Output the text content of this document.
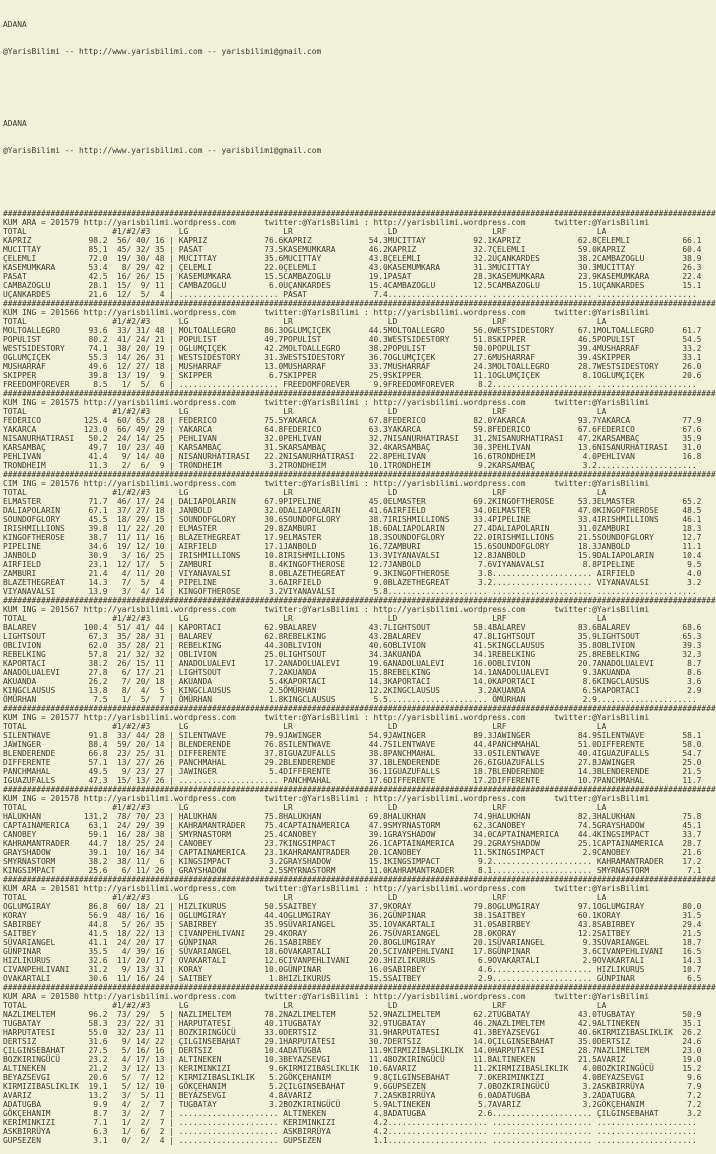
ADANA

@YarisBilimi -- http://www.yarisbilimi.com -- yarisbilimi@gmail.com

ADANA

@YarisBilimi -- http://www.yarisbilimi.com -- yarisbilimi@gmail.com

######################################################################################################################################################
KUM ARA = 201579 http://yarisbilimi.wordpress.com      twitter:@YarisBilimi : http://yarisbilimi.wordpress.com      twitter:@YarisBilimi
TOTAL                  #1/#2/#3      LG                    LR                    LD                    LRF                   LA
KAPRIZ            98.2  56/ 40/ 16 | KAPRIZ            76.6KAPRIZ            54.3MUCITTAY          92.1KAPRIZ            62.8ÇELEMLI           66.1
MUCITTAY          85.1  45/ 32/ 35 | PASAT             73.5KASEMUMKARA       46.2KAPRIZ            32.7ÇELEMLI           59.0KAPRIZ            60.4
ÇELEMLI           72.0  19/ 30/ 48 | MUCITTAY          35.6MUCITTAY          43.8ÇELEMLI           32.2UÇANKARDES        38.2CAMBAZOGLU        38.9
KASEMUMKARA       53.4   8/ 29/ 42 | ÇELEMLI           22.0ÇELEMLI           43.0KASEMUMKARA       31.3MUCITTAY          30.3MUCITTAY          26.3
PASAT             42.5  16/ 26/ 15 | KASEMUMKARA       15.5CAMBAZOGLU        19.1PASAT             28.3KASEMUMKARA       23.9KASEMUMKARA       22.4
CAMBAZOGLU        28.1  15/  9/ 11 | CAMBAZOGLU         6.0UÇANKARDES        15.4CAMBAZOGLU        12.5CAMBAZOGLU        15.1UÇANKARDES        15.1
UÇANKARDES        21.6  12/  5/  4 | ..................... PASAT              7.4..................... ..................... .....................
######################################################################################################################################################
KUM ING = 201566 http://yarisbilimi.wordpress.com      twitter:@YarisBilimi : http://yarisbilimi.wordpress.com      twitter:@YarisBilimi
TOTAL                  #1/#2/#3      LG                    LR                    LD                    LRF                   LA
MOLTOALLEGRO      93.6  33/ 31/ 48 | MOLTOALLEGRO      86.3OGLUMÇIÇEK        44.5MOLTOALLEGRO      56.0WESTSIDESTORY     67.1MOLTOALLEGRO      61.7
POPULIST          80.2  41/ 24/ 21 | POPULIST          49.7POPULIST          40.3WESTSIDESTORY     51.8SKIPPER           46.5POPULIST          54.5
WESTSIDESTORY     74.1  38/ 20/ 19 | OGLUMÇIÇEK        42.2MOLTOALLEGRO      38.2POPULIST          50.0POPULIST          39.4MUSHARRAF         33.2
OGLUMÇIÇEK        55.3  14/ 26/ 31 | WESTSIDESTORY     31.3WESTSIDESTORY     36.7OGLUMÇIÇEK        27.6MUSHARRAF         39.4SKIPPER           33.1
MUSHARRAF         49.6  12/ 27/ 18 | MUSHARRAF         13.0MUSHARRAF         33.7MUSHARRAF         24.3MOLTOALLEGRO      28.7WESTSIDESTORY     26.0
SKIPPER           39.8  13/ 19/  9 | SKIPPER            6.7SKIPPER           25.9SKIPPER           11.1OGLUMÇIÇEK         8.1OGLUMÇIÇEK        20.6
FREEDOMFOREVER     8.5   1/  5/  6 | ..................... FREEDOMFOREVER     9.9FREEDOMFOREVER     8.2..................... .....................
######################################################################################################################################################
KUM ING = 201575 http://yarisbilimi.wordpress.com      twitter:@YarisBilimi : http://yarisbilimi.wordpress.com      twitter:@YarisBilimi
TOTAL                  #1/#2/#3      LG                    LR                    LD                    LRF                   LA
FEDERICO         125.4  60/ 65/ 28 | FEDERICO          75.5YAKARCA           67.8FEDERICO          82.0YAKARCA           93.7YAKARCA           77.9
YAKARCA          123.0  66/ 49/ 29 | YAKARCA           64.8FEDERICO          63.3YAKARCA           59.8FEDERICO          67.6FEDERICO          67.6
NISANURHATIRASI   50.2  24/ 14/ 25 | PEHLIVAN          32.0PEHLIVAN          32.7NISANURHATIRASI   31.2NISANURHATIRASI   47.2KARSAMBAÇ         35.9
KARSAMBAÇ         49.7  10/ 23/ 40 | KARSAMBAÇ         31.5KARSAMBAÇ         32.4KARSAMBAÇ         30.3PEHLIVAN          13.6NISANURHATIRASI   31.0
PEHLIVAN          41.4   9/ 14/ 40 | NISANURHATIRASI   22.2NISANURHATIRASI   22.8PEHLIVAN          16.6TRONDHEIM          4.0PEHLIVAN          16.8
TRONDHEIM         11.3   2/  6/  9 | TRONDHEIM          3.2TRONDHEIM         10.1TRONDHEIM          9.2KARSAMBAÇ          3.2.....................
######################################################################################################################################################
CIM ING = 201576 http://yarisbilimi.wordpress.com      twitter:@YarisBilimi : http://yarisbilimi.wordpress.com      twitter:@YarisBilimi
TOTAL                  #1/#2/#3      LG                    LR                    LD                    LRF                   LA
ELMASTER          71.7  46/ 17/ 24 | DALIAPOLARIN      67.9PIPELINE          45.0ELMASTER          69.2KINGOFTHEROSE     53.3ELMASTER          65.2
DALIAPOLARIN      67.1  37/ 27/ 18 | JANBOLD           32.0DALIAPOLARIN      41.6AIRFIELD          34.0ELMASTER          47.0KINGOFTHEROSE     48.5
SOUNDOFGLORY      45.5  18/ 29/ 15 | SOUNDOFGLORY      30.6SOUNDOFGLORY      38.7IRISHMILLIONS     33.4PIPELINE          33.4IRISHMILLIONS     46.1
IRISHMILLIONS     39.8  11/ 22/ 20 | ELMASTER          29.8ZAMBURI           18.6DALIAPOLARIN      27.4DALIAPOLARIN      31.0ZAMBURI           18.3
KINGOFTHEROSE     38.7  11/ 11/ 16 | BLAZETHEGREAT     17.9ELMASTER          18.3SOUNDOFGLORY      22.0IRISHMILLIONS     21.5SOUNDOFGLORY      12.7
PIPELINE          34.6  19/ 12/ 10 | AIRFIELD          17.1JANBOLD           16.7ZAMBURI           15.6SOUNDOFGLORY      18.3JANBOLD           11.1
JANBOLD           30.9   3/ 16/ 25 | IRISHMILLIONS     10.8IRISHMILLIONS     13.3VIYANAVALSI       12.8JANBOLD           15.9DALIAPOLARIN      10.4
AIRFIELD          23.1  12/ 17/  5 | ZAMBURI            8.4KINGOFTHEROSE     12.7JANBOLD            7.6VIYANAVALSI        8.8PIPELINE           9.5
ZAMBURI           21.4   4/ 11/ 20 | VIYANAVALSI        8.0BLAZETHEGREAT      9.3KINGOFTHEROSE      3.8..................... AIRFIELD           4.0
BLAZETHEGREAT     14.3   7/  5/  4 | PIPELINE           3.6AIRFIELD           9.0BLAZETHEGREAT      3.2..................... VIYANAVALSI        3.2
VIYANAVALSI       13.9   3/  4/ 14 | KINGOFTHEROSE      3.2VIYANAVALSI        5.8..................... ..................... .....................
######################################################################################################################################################
KUM ING = 201567 http://yarisbilimi.wordpress.com      twitter:@YarisBilimi : http://yarisbilimi.wordpress.com      twitter:@YarisBilimi
TOTAL                  #1/#2/#3      LG                    LR                    LD                    LRF                   LA
BALAREV          100.4  51/ 41/ 44 | KAPORTACI         62.9BALAREV           43.7LIGHTSOUT         58.4BALAREV           83.6BALAREV           68.6
LIGHTSOUT         67.3  35/ 28/ 31 | BALAREV           62.8REBELKING         43.2BALAREV           47.8LIGHTSOUT         35.9LIGHTSOUT         65.3
OBLIVION          62.0  35/ 28/ 21 | REBELKING         44.3OBLIVION          40.6OBLIVION          41.5KINGCLAUSUS       35.8OBLIVION          39.3
REBELKING         57.8  21/ 32/ 32 | OBLIVION          25.0LIGHTSOUT         34.3AKUANDA           34.1REBELKING         25.8REBELKING         32.3
KAPORTACI         38.2  26/ 15/ 11 | ANADOLUALEVI      17.2ANADOLUALEVI      19.6ANADOLUALEVI      16.0OBLIVION          20.7ANADOLUALEVI       8.7
ANADOLUALEVI      27.8   6/ 17/ 21 | LIGHTSOUT          7.2AKUANDA           15.8REBELKING         14.1ANADOLUALEVI       9.3AKUANDA            8.6
AKUANDA           26.2   7/ 20/ 18 | AKUANDA            5.4KAPORTACI         14.3KAPORTACI         14.0KAPORTACI          8.6KINGCLAUSUS        3.6
KINGCLAUSUS       13.8   8/  4/  5 | KINGCLAUSUS        2.5ÖMÜRHAN           12.2KINGCLAUSUS        3.2AKUANDA            6.5KAPORTACI          2.9
ÖMÜRHAN            7.5   1/  5/  7 | ÖMÜRHAN            1.8KINGCLAUSUS        5.5..................... ÖMÜRHAN            2.9.....................
######################################################################################################################################################
KUM ING = 201577 http://yarisbilimi.wordpress.com      twitter:@YarisBilimi : http://yarisbilimi.wordpress.com      twitter:@YarisBilimi
TOTAL                  #1/#2/#3      LG                    LR                    LD                    LRF                   LA
SILENTWAVE        91.8  33/ 44/ 28 | SILENTWAVE        79.9JAWINGER          54.9JAWINGER          89.3JAWINGER          84.9SILENTWAVE        58.1
JAWINGER          88.4  59/ 20/ 14 | BLENDERENDE       76.8SILENTWAVE        44.7SILENTWAVE        44.4PANCHMAHAL        51.0DIFFERENTE        58.0
BLENDERENDE       66.8  23/ 25/ 31 | DIFFERENTE        37.8IGUAZUFALLS       38.8PANCHMAHAL        33.0SILENTWAVE        40.4IGUAZUFALLS       54.7
DIFFERENTE        57.1  13/ 27/ 26 | PANCHMAHAL        29.2BLENDERENDE       37.1BLENDERENDE       26.6IGUAZUFALLS       27.8JAWINGER          25.0
PANCHMAHAL        49.5   9/ 23/ 27 | JAWINGER           5.4DIFFERENTE        36.1IGUAZUFALLS       18.7BLENDERENDE       14.3BLENDERENDE       21.5
IGUAZUFALLS       47.3  15/ 13/ 26 | ..................... PANCHMAHAL        17.6DIFFERENTE        17.2DIFFERENTE        10.7PANCHMAHAL        11.7
######################################################################################################################################################
KUM ING = 201578 http://yarisbilimi.wordpress.com      twitter:@YarisBilimi : http://yarisbilimi.wordpress.com      twitter:@YarisBilimi
TOTAL                  #1/#2/#3      LG                    LR                    LD                    LRF                   LA
HALUKHAN         131.2  78/ 70/ 23 | HALUKHAN          75.8HALUKHAN          69.8HALUKHAN          74.9HALUKHAN          82.3HALUKHAN          75.8
CAPTAINAMERICA    63.1  24/ 29/ 39 | KAHRAMANTRADER    75.4CAPTAINAMERICA    47.9SMYRNASTORM       62.3CANOBEY           74.5GRAYSHADOW        45.1
CANOBEY           59.1  16/ 28/ 38 | SMYRNASTORM       25.4CANOBEY           39.1GRAYSHADOW        34.0CAPTAINAMERICA    44.4KINGSIMPACT       33.7
KAHRAMANTRADER    44.7  18/ 25/ 24 | CANOBEY           23.7KINGSIMPACT       26.1CAPTAINAMERICA    29.2GRAYSHADOW        25.1CAPTAINAMERICA    28.7
GRAYSHADOW        39.1  10/ 16/ 34 | CAPTAINAMERICA    23.1KAHRAMANTRADER    20.1CANOBEY           11.5KINGSIMPACT        2.9CANOBEY           21.6
SMYRNASTORM       38.2  38/ 11/  6 | KINGSIMPACT        3.2GRAYSHADOW        15.1KINGSIMPACT        9.2..................... KAHRAMANTRADER    17.2
KINGSIMPACT       25.6   6/ 11/ 26 | GRAYSHADOW         2.5SMYRNASTORM       11.0KAHRAMANTRADER     8.1..................... SMYRNASTORM        7.1
######################################################################################################################################################
KUM ARA = 201581 http://yarisbilimi.wordpress.com      twitter:@YarisBilimi : http://yarisbilimi.wordpress.com      twitter:@YarisBilimi
TOTAL                  #1/#2/#3      LG                    LR                    LD                    LRF                   LA
OGLUMGIRAY        86.8  60/ 18/ 21 | HIZLIKURUS        50.5SAITBEY           37.9KORAY             79.8OGLUMGIRAY        97.1OGLUMGIRAY        80.0
KORAY             56.9  48/ 16/ 16 | OGLUMGIRAY        44.4OGLUMGIRAY        36.2GÜNPINAR          38.1SAITBEY           60.1KORAY             31.5
SABIRBEY          44.8   5/ 26/ 35 | SABIRBEY          35.9SÜVARIANGEL       35.1OVAKARTALI        31.0SABIRBEY          43.8SABIRBEY          29.4
SAITBEY           41.5  18/ 22/ 13 | CIVANPEHLIVANI    29.4KORAY             26.7SÜVARIANGEL       28.0KORAY             12.2SAITBEY           21.5
SÜVARIANGEL       41.1  24/ 20/ 17 | GÜNPINAR          26.1SABIRBEY          20.8OGLUMGIRAY        20.1SÜVARIANGEL        9.3SÜVARIANGEL       18.7
GÜNPINAR          35.5   4/ 39/ 16 | SÜVARIANGEL       18.6OVAKARTALI        20.5CIVANPEHLIVANI    17.8GÜNPINAR           3.6CIVANPEHLIVANI    16.5
HIZLIKURUS        32.6  11/ 20/ 17 | OVAKARTALI        12.6CIVANPEHLIVANI    20.3HIZLIKURUS         6.9OVAKARTALI         2.9OVAKARTALI        14.3
CIVANPEHLIVANI    31.2   9/ 13/ 31 | KORAY             10.0GÜNPINAR          16.0SABIRBEY           4.6..................... HIZLIKURUS        10.7
OVAKARTALI        30.6  11/ 16/ 24 | SAITBEY            1.8HIZLIKURUS        15.5SAITBEY            2.9..................... GÜNPINAR           6.5
######################################################################################################################################################
KUM ARA = 201580 http://yarisbilimi.wordpress.com      twitter:@YarisBilimi : http://yarisbilimi.wordpress.com      twitter:@YarisBilimi
TOTAL                  #1/#2/#3      LG                    LR                    LD                    LRF                   LA
NAZLIMELTEM       96.2  73/ 29/  5 | NAZLIMELTEM       78.2NAZLIMELTEM       52.9NAZLIMELTEM       62.2TUGBATAY          43.0TUGBATAY          50.9
TUGBATAY          58.3  23/ 22/ 31 | HARPUTATESI       40.1TUGBATAY          32.9TUGBATAY          46.2NAZLIMELTEM       42.9ALTINEKEN         35.1
HARPUTATESI       55.0  32/ 23/ 11 | BOZKIRINGÜCÜ      33.0DERTSIZ           31.9HARPUTATESI       41.3BEYAZSEVGI        40.6KIRMIZIBASLIKLIK  26.2
DERTSIZ           31.6   9/ 14/ 22 | ÇILGINSEBAHAT     29.1HARPUTATESI       30.7DERTSIZ           14.0ÇILGINSEBAHAT     35.0DERTSIZ           24.6
ÇILGINSEBAHAT     27.5   5/ 16/ 16 | DERTSIZ           10.4ADATUGBA          11.9KIRMIZIBASLIKLIK  14.0HARPUTATESI       28.7NAZLIMELTEM       23.0
BOZKIRINGÜCÜ      23.2   4/ 17/ 13 | ALTINEKEN         10.3BEYAZSEVGI        11.4BOZKIRINGÜCÜ      11.8ALTINEKEN         21.5AVARIZ            19.0
ALTINEKEN         21.2   3/ 12/ 13 | KERIMINKIZI        9.6KIRMIZIBASLIKLIK  10.6AVARIZ            11.2KIRMIZIBASLIKLIK   4.0BOZKIRINGÜCÜ      15.2
BEYAZSEVGI        20.6   5/  7/ 12 | KIRMIZIBASLIKLIK   5.2GÖKÇEHANIM         9.8ÇILGINSEBAHAT      7.0KERIMINKIZI        4.0BEYAZSEVGI         9.6
KIRMIZIBASLIKLIK  19.1   5/ 12/ 10 | GÖKÇEHANIM         5.2ÇILGINSEBAHAT      9.6GUPSEZEN           7.0BOZKIRINGÜCÜ       3.2ASKBIRRÜYA         7.9
AVARIZ            13.2   3/  5/ 11 | BEYAZSEVGI         4.8AVARIZ             7.2ASKBIRRÜYA         6.0ADATUGBA           3.2ADATUGBA           7.2
ADATUGBA           9.9   4/  2/  7 | TUGBATAY           3.2BOZKIRINGÜCÜ       5.9ALTINEKEN          5.7AVARIZ             3.2GÖKÇEHANIM         7.2
GÖKÇEHANIM         8.7   3/  2/  7 | ..................... ALTINEKEN          4.8ADATUGBA           2.6..................... ÇILGINSEBAHAT      3.2
KERIMINKIZI        7.1   1/  2/  7 | ..................... KERIMINKIZI        4.2..................... ..................... .....................
ASKBIRRÜYA         6.3   1/  6/  2 | ..................... ASKBIRRÜYA         4.2..................... ..................... .....................
GUPSEZEN           3.1   0/  2/  4 | ..................... GUPSEZEN           1.1..................... ..................... .....................
